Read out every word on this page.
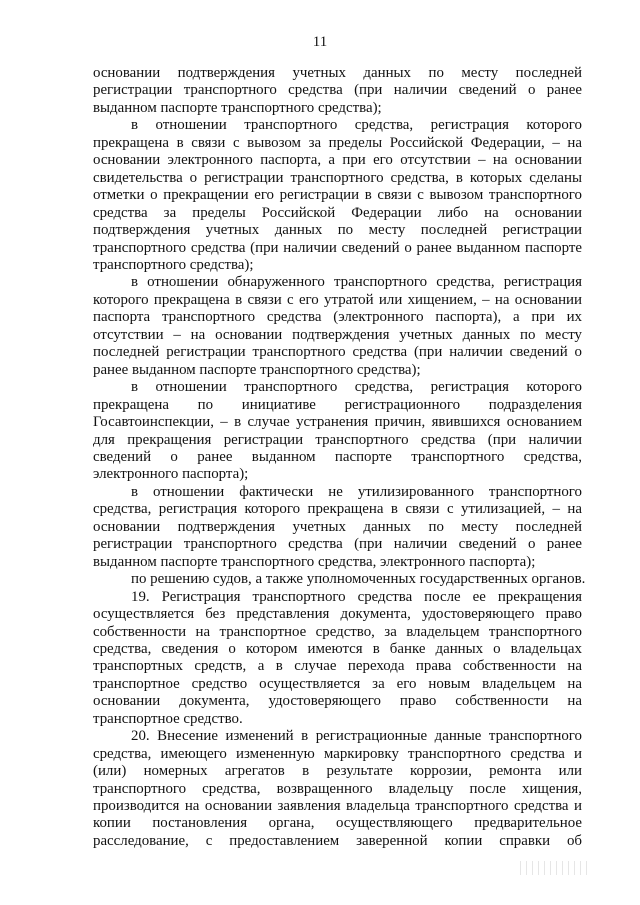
11
основании подтверждения учетных данных по месту последней
регистрации транспортного средства (при наличии сведений о ранее
выданном паспорте транспортного средства);
в отношении транспортного средства, регистрация которого
прекращена в связи с вывозом за пределы Российской Федерации, – на
основании электронного паспорта, а при его отсутствии – на основании
свидетельства о регистрации транспортного средства, в которых сделаны
отметки о прекращении его регистрации в связи с вывозом транспортного
средства за пределы Российской Федерации либо на основании
подтверждения учетных данных по месту последней регистрации
транспортного средства (при наличии сведений о ранее выданном паспорте
транспортного средства);
в отношении обнаруженного транспортного средства, регистрация
которого прекращена в связи с его утратой или хищением, – на основании
паспорта транспортного средства (электронного паспорта), а при их
отсутствии – на основании подтверждения учетных данных по месту
последней регистрации транспортного средства (при наличии сведений о
ранее выданном паспорте транспортного средства);
в отношении транспортного средства, регистрация которого
прекращена по инициативе регистрационного подразделения
Госавтоинспекции, – в случае устранения причин, явившихся основанием
для прекращения регистрации транспортного средства (при наличии
сведений о ранее выданном паспорте транспортного средства,
электронного паспорта);
в отношении фактически не утилизированного транспортного
средства, регистрация которого прекращена в связи с утилизацией, – на
основании подтверждения учетных данных по месту последней
регистрации транспортного средства (при наличии сведений о ранее
выданном паспорте транспортного средства, электронного паспорта);
по решению судов, а также уполномоченных государственных органов.
19. Регистрация транспортного средства после ее прекращения
осуществляется без представления документа, удостоверяющего право
собственности на транспортное средство, за владельцем транспортного
средства, сведения о котором имеются в банке данных о владельцах
транспортных средств, а в случае перехода права собственности на
транспортное средство осуществляется за его новым владельцем на
основании документа, удостоверяющего право собственности на
транспортное средство.
20. Внесение изменений в регистрационные данные транспортного
средства, имеющего измененную маркировку транспортного средства и
(или) номерных агрегатов в результате коррозии, ремонта или
транспортного средства, возвращенного владельцу после хищения,
производится на основании заявления владельца транспортного средства и
копии постановления органа, осуществляющего предварительное
расследование, с предоставлением заверенной копии справки об
